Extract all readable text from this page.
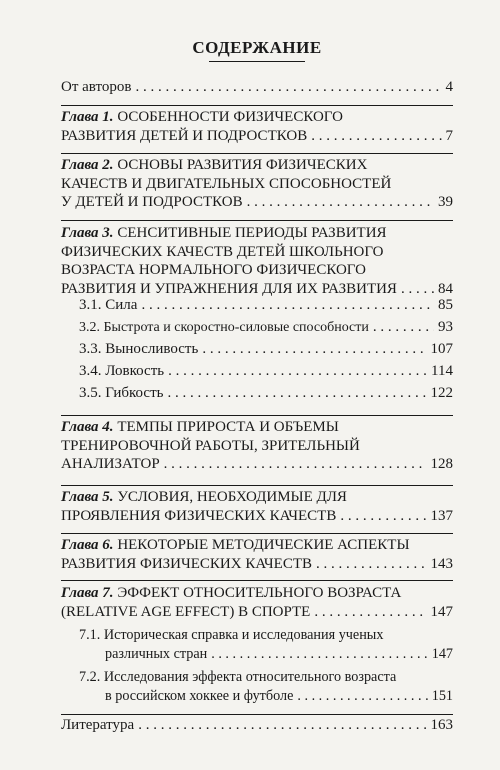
СОДЕРЖАНИЕ
От авторов . . .	4
Глава 1. ОСОБЕННОСТИ ФИЗИЧЕСКОГО
РАЗВИТИЯ ДЕТЕЙ И ПОДРОСТКОВ . . .	7
Глава 2. ОСНОВЫ РАЗВИТИЯ ФИЗИЧЕСКИХ
КАЧЕСТВ И ДВИГАТЕЛЬНЫХ СПОСОБНОСТЕЙ
У ДЕТЕЙ И ПОДРОСТКОВ . . .	39
Глава 3. СЕНСИТИВНЫЕ ПЕРИОДЫ РАЗВИТИЯ
ФИЗИЧЕСКИХ КАЧЕСТВ ДЕТЕЙ ШКОЛЬНОГО
ВОЗРАСТА НОРМАЛЬНОГО ФИЗИЧЕСКОГО
РАЗВИТИЯ И УПРАЖНЕНИЯ ДЛЯ ИХ РАЗВИТИЯ . . .	84
3.1. Сила . . .	85
3.2. Быстрота и скоростно-силовые способности . . .	93
3.3. Выносливость . . .	107
3.4. Ловкость . . .	114
3.5. Гибкость . . .	122
Глава 4. ТЕМПЫ ПРИРОСТА И ОБЪЕМЫ
ТРЕНИРОВОЧНОЙ РАБОТЫ, ЗРИТЕЛЬНЫЙ
АНАЛИЗАТОР . . .	128
Глава 5. УСЛОВИЯ, НЕОБХОДИМЫЕ ДЛЯ
ПРОЯВЛЕНИЯ ФИЗИЧЕСКИХ КАЧЕСТВ . . .	137
Глава 6. НЕКОТОРЫЕ МЕТОДИЧЕСКИЕ АСПЕКТЫ
РАЗВИТИЯ ФИЗИЧЕСКИХ КАЧЕСТВ . . .	143
Глава 7. ЭФФЕКТ ОТНОСИТЕЛЬНОГО ВОЗРАСТА
(RELATIVE AGE EFFECT) В СПОРТЕ . . .	147
7.1. Историческая справка и исследования ученых
различных стран . . .	147
7.2. Исследования эффекта относительного возраста
в российском хоккее и футболе . . .	151
Литература . . .	163
